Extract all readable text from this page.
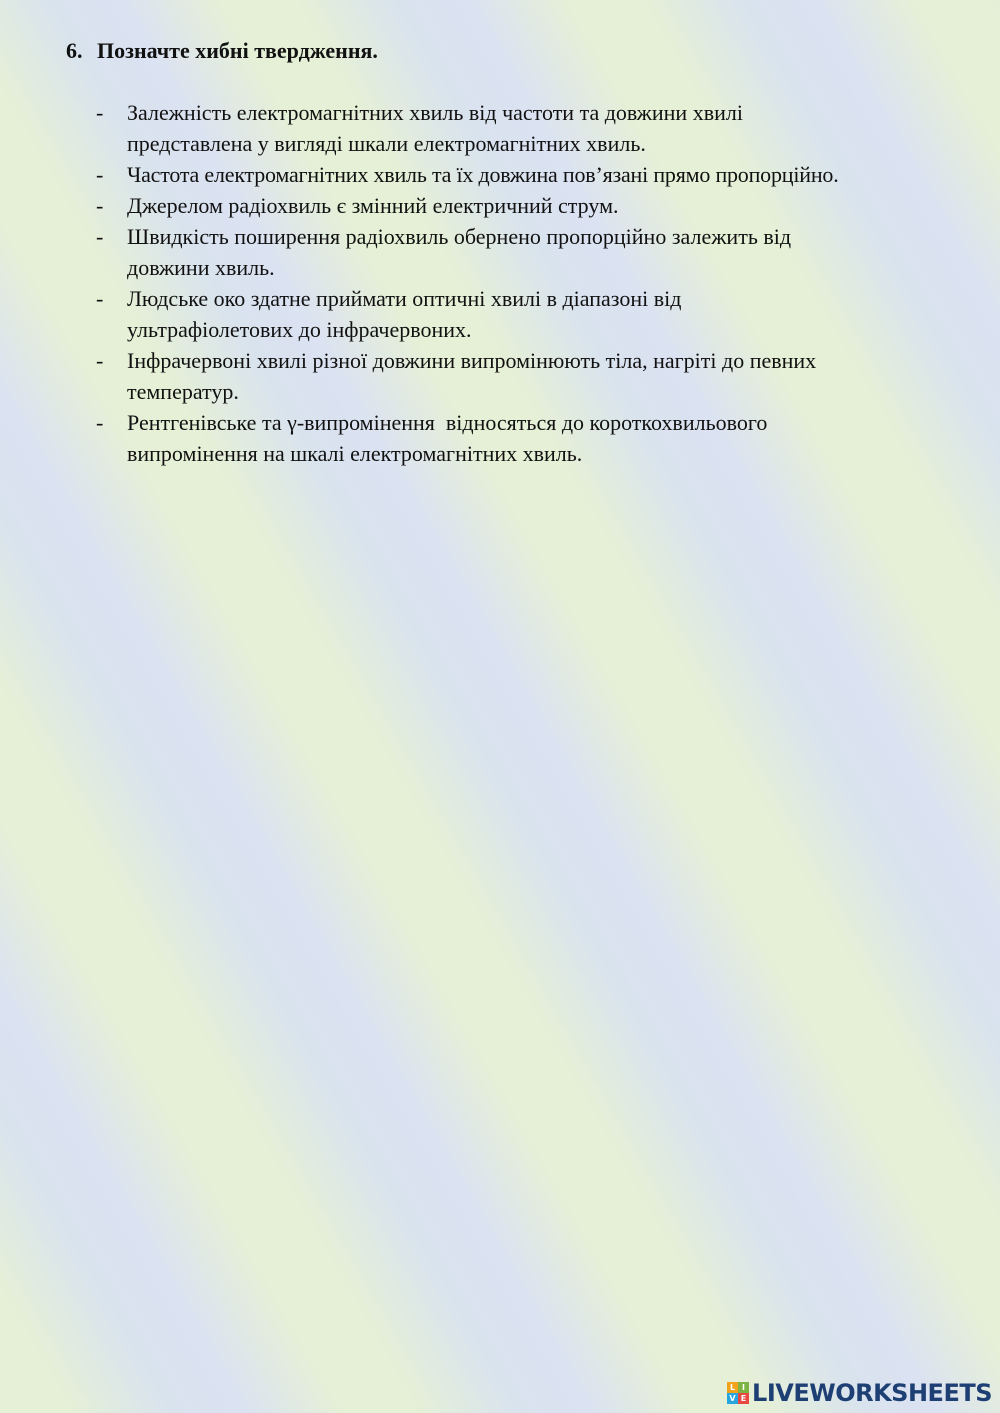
6. Позначте хибні твердження.
- Залежність електромагнітних хвиль від частоти та довжини хвилі
представлена у вигляді шкали електромагнітних хвиль.
- Частота електромагнітних хвиль та їх довжина пов’язані прямо пропорційно.
- Джерелом радіохвиль є змінний електричний струм.
- Швидкість поширення радіохвиль обернено пропорційно залежить від
довжини хвиль.
- Людське око здатне приймати оптичні хвилі в діапазоні від
ультрафіолетових до інфрачервоних.
- Інфрачервоні хвилі різної довжини випромінюють тіла, нагріті до певних
температур.
- Рентгенівське та γ-випромінення  відносяться до короткохвильового
випромінення на шкалі електромагнітних хвиль.
L I
V E LIVEWORKSHEETS
